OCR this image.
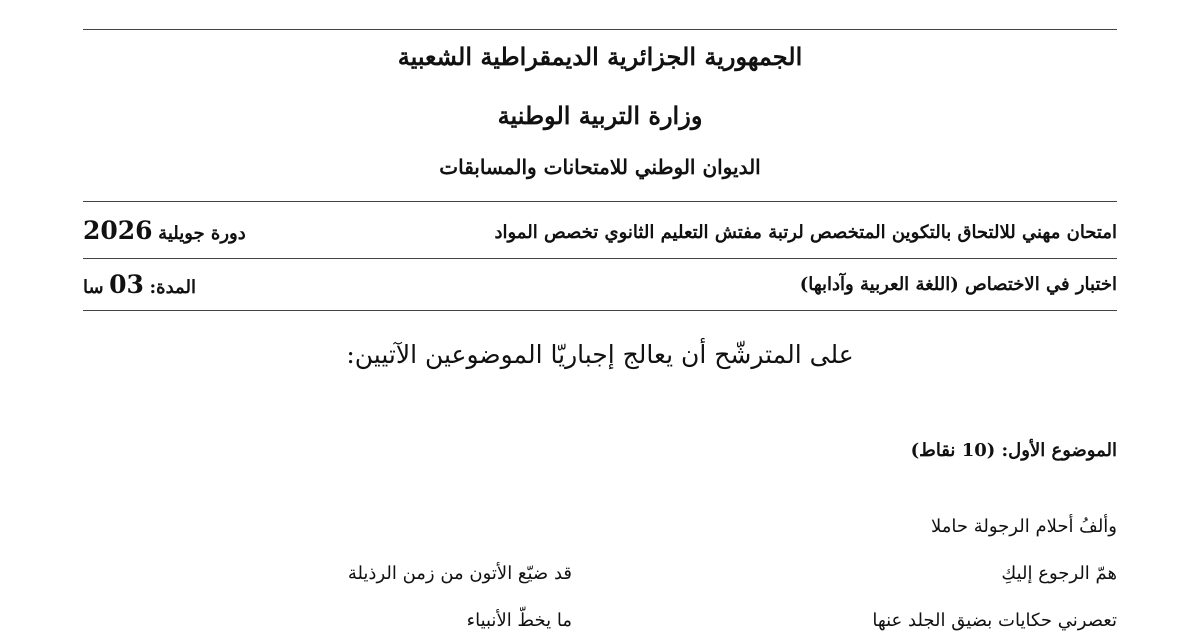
الجمهورية الجزائرية الديمقراطية الشعبية
وزارة التربية الوطنية
الديوان الوطني للامتحانات والمسابقات
امتحان مهني للالتحاق بالتكوين المتخصص لرتبة مفتش التعليم الثانوي تخصص المواد
دورة جويلية 2026
اختبار في الاختصاص (اللغة العربية وآدابها)
المدة: 03 سا
على المترشّح أن يعالج إجباريّا الموضوعين الآتيين:
الموضوع الأول: (10 نقاط)
وألفُ أحلام الرجولة حاملا
همّ الرجوع إليكِ
قد ضيّع الأتون من زمن الرذيلة
تعصرني حكايات بضيق الجلد عنها
ما يخطّ الأنبياء
